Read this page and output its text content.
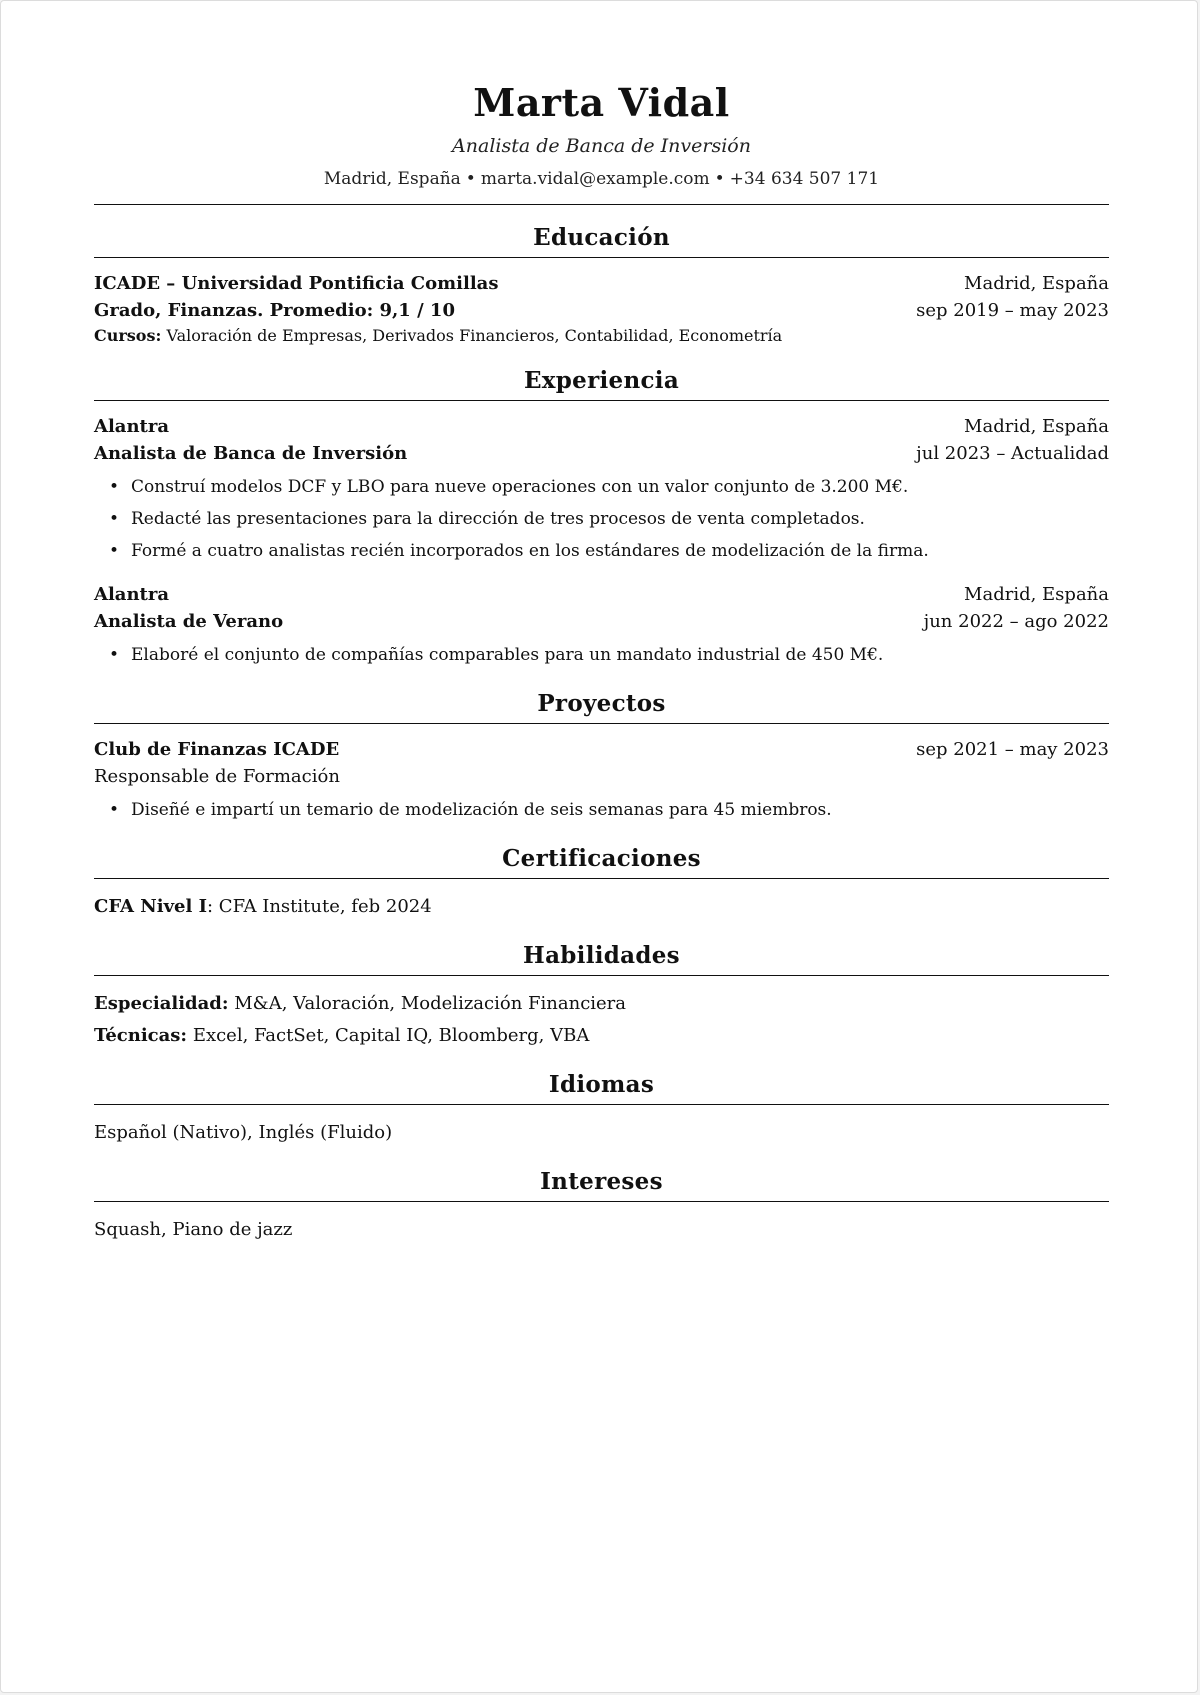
Marta Vidal
Analista de Banca de Inversión
Madrid, España • marta.vidal@example.com • +34 634 507 171
Educación
ICADE – Universidad Pontificia Comillas	Madrid, España
Grado, Finanzas. Promedio: 9,1 / 10	sep 2019 – may 2023
Cursos: Valoración de Empresas, Derivados Financieros, Contabilidad, Econometría
Experiencia
Alantra	Madrid, España
Analista de Banca de Inversión	jul 2023 – Actualidad
• Construí modelos DCF y LBO para nueve operaciones con un valor conjunto de 3.200 M€.
• Redacté las presentaciones para la dirección de tres procesos de venta completados.
• Formé a cuatro analistas recién incorporados en los estándares de modelización de la firma.
Alantra	Madrid, España
Analista de Verano	jun 2022 – ago 2022
• Elaboré el conjunto de compañías comparables para un mandato industrial de 450 M€.
Proyectos
Club de Finanzas ICADE	sep 2021 – may 2023
Responsable de Formación
• Diseñé e impartí un temario de modelización de seis semanas para 45 miembros.
Certificaciones
CFA Nivel I: CFA Institute, feb 2024
Habilidades
Especialidad: M&A, Valoración, Modelización Financiera
Técnicas: Excel, FactSet, Capital IQ, Bloomberg, VBA
Idiomas
Español (Nativo), Inglés (Fluido)
Intereses
Squash, Piano de jazz
